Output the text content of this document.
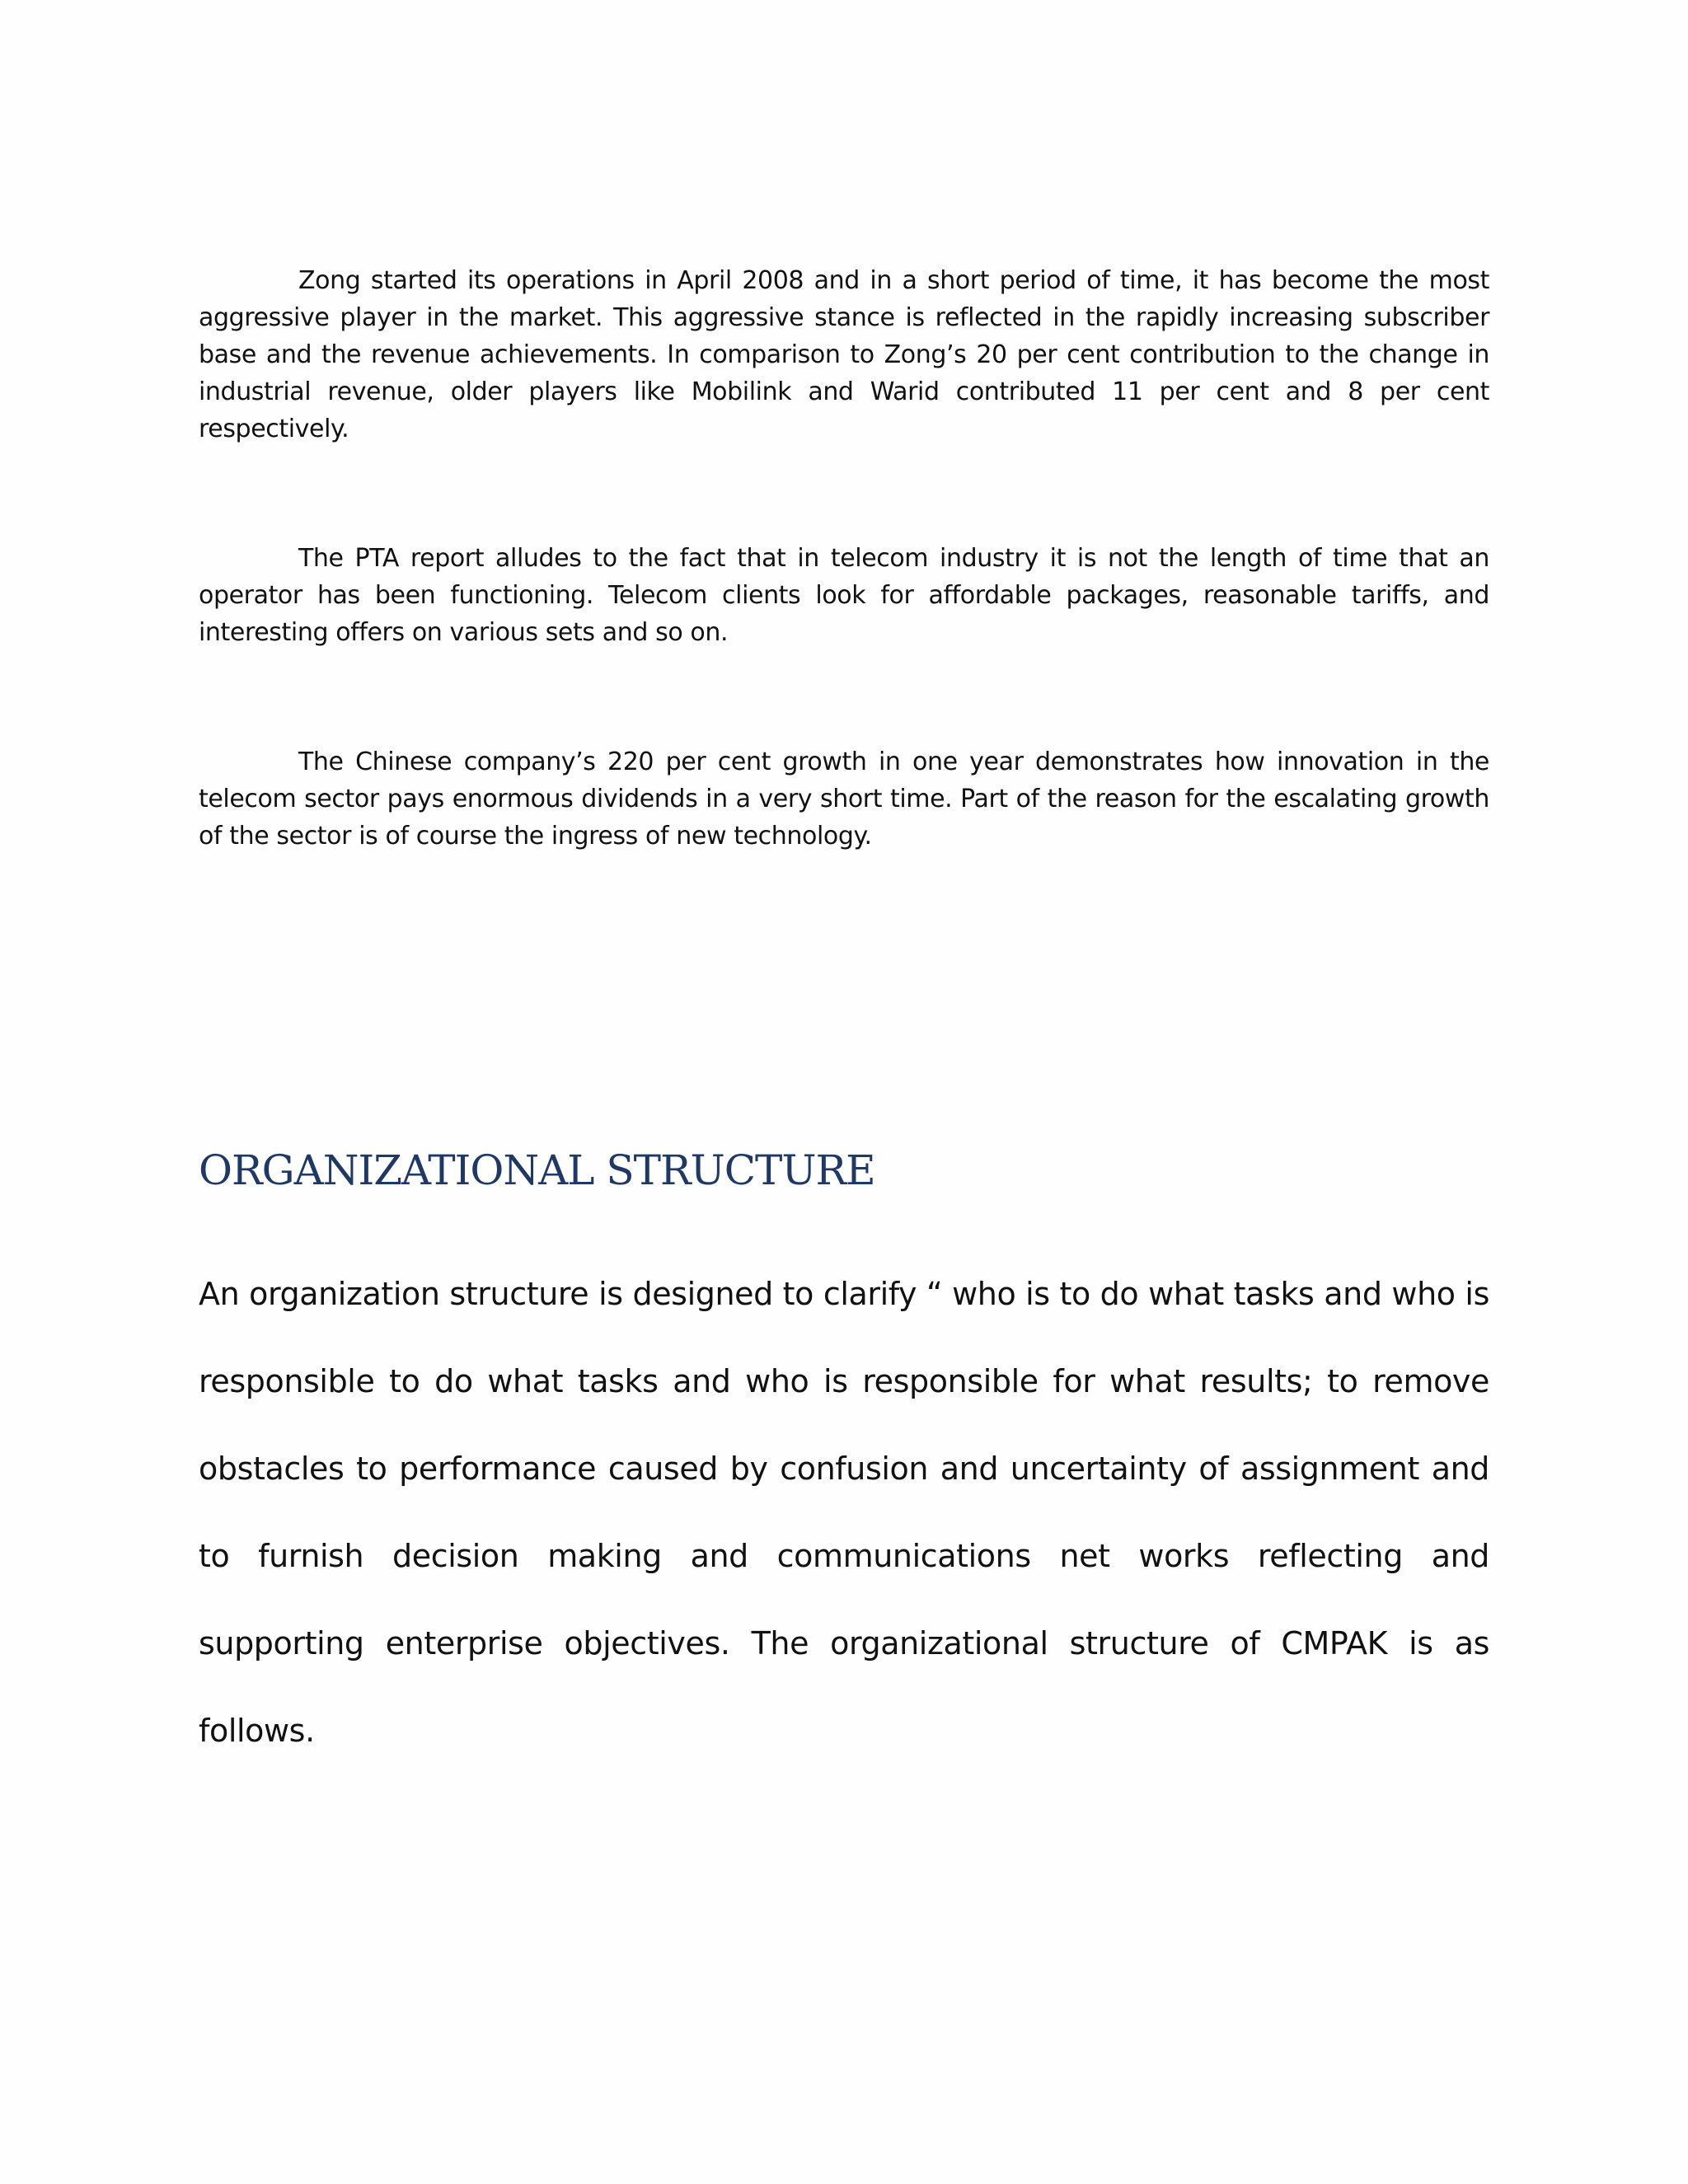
Zong started its operations in April 2008 and in a short period of time, it has become the most aggressive player in the market. This aggressive stance is reflected in the rapidly increasing subscriber base and the revenue achievements. In comparison to Zong’s 20 per cent contribution to the change in industrial revenue, older players like Mobilink and Warid contributed 11 per cent and 8 per cent respectively.

The PTA report alludes to the fact that in telecom industry it is not the length of time that an operator has been functioning. Telecom clients look for affordable packages, reasonable tariffs, and interesting offers on various sets and so on.

The Chinese company’s 220 per cent growth in one year demonstrates how innovation in the telecom sector pays enormous dividends in a very short time. Part of the reason for the escalating growth of the sector is of course the ingress of new technology.

ORGANIZATIONAL STRUCTURE

An organization structure is designed to clarify “ who is to do what tasks and who is responsible to do what tasks and who is responsible for what results; to remove obstacles to performance caused by confusion and uncertainty of assignment and to furnish decision making and communications net works reflecting and supporting enterprise objectives. The organizational structure of CMPAK is as follows.
